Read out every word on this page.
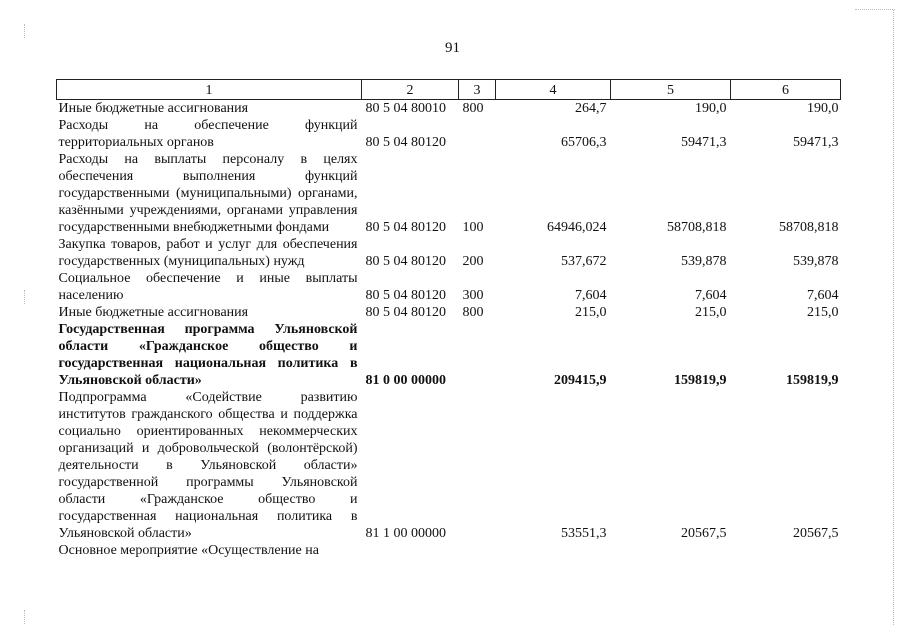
91
1	2	3	4	5	6
Иные бюджетные ассигнования	80 5 04 80010	800	264,7	190,0	190,0
Расходы на обеспечение функций территориальных органов	80 5 04 80120		65706,3	59471,3	59471,3
Расходы на выплаты персоналу в целях обеспечения выполнения функций государственными (муниципальными) органами, казёнными учреждениями, органами управления государственными внебюджетными фондами	80 5 04 80120	100	64946,024	58708,818	58708,818
Закупка товаров, работ и услуг для обеспечения государственных (муниципальных) нужд	80 5 04 80120	200	537,672	539,878	539,878
Социальное обеспечение и иные выплаты населению	80 5 04 80120	300	7,604	7,604	7,604
Иные бюджетные ассигнования	80 5 04 80120	800	215,0	215,0	215,0
Государственная программа Ульяновской области «Гражданское общество и государственная национальная политика в Ульяновской области»	81 0 00 00000		209415,9	159819,9	159819,9
Подпрограмма «Содействие развитию институтов гражданского общества и поддержка социально ориентированных некоммерческих организаций и добровольческой (волонтёрской) деятельности в Ульяновской области» государственной программы Ульяновской области «Гражданское общество и государственная национальная политика в Ульяновской области»	81 1 00 00000		53551,3	20567,5	20567,5
Основное мероприятие «Осуществление на					
